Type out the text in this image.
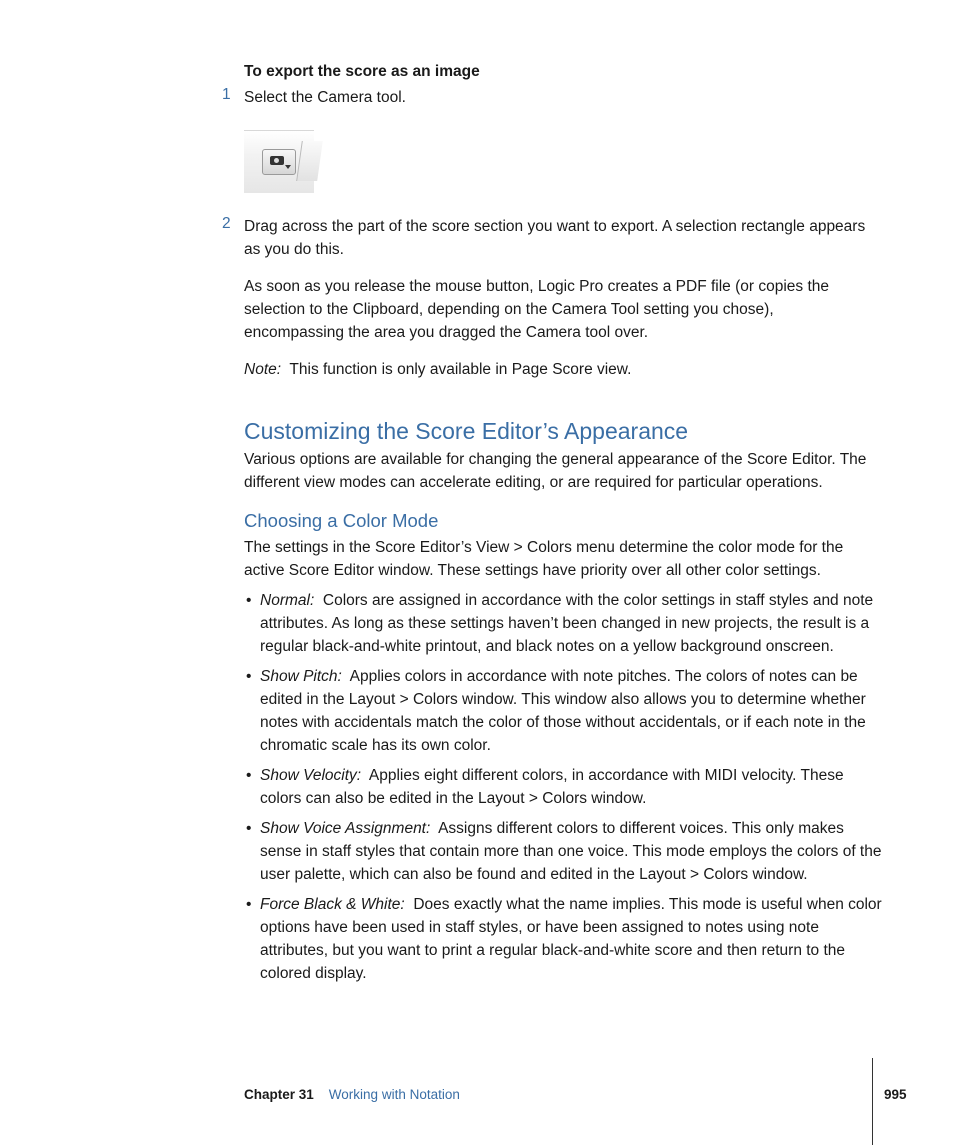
To export the score as an image
1 Select the Camera tool.
2 Drag across the part of the score section you want to export. A selection rectangle appears as you do this.
As soon as you release the mouse button, Logic Pro creates a PDF file (or copies the selection to the Clipboard, depending on the Camera Tool setting you chose), encompassing the area you dragged the Camera tool over.
Note: This function is only available in Page Score view.
Customizing the Score Editor’s Appearance
Various options are available for changing the general appearance of the Score Editor. The different view modes can accelerate editing, or are required for particular operations.
Choosing a Color Mode
The settings in the Score Editor’s View > Colors menu determine the color mode for the active Score Editor window. These settings have priority over all other color settings.
• Normal: Colors are assigned in accordance with the color settings in staff styles and note attributes. As long as these settings haven’t been changed in new projects, the result is a regular black-and-white printout, and black notes on a yellow background onscreen.
• Show Pitch: Applies colors in accordance with note pitches. The colors of notes can be edited in the Layout > Colors window. This window also allows you to determine whether notes with accidentals match the color of those without accidentals, or if each note in the chromatic scale has its own color.
• Show Velocity: Applies eight different colors, in accordance with MIDI velocity. These colors can also be edited in the Layout > Colors window.
• Show Voice Assignment: Assigns different colors to different voices. This only makes sense in staff styles that contain more than one voice. This mode employs the colors of the user palette, which can also be found and edited in the Layout > Colors window.
• Force Black & White: Does exactly what the name implies. This mode is useful when color options have been used in staff styles, or have been assigned to notes using note attributes, but you want to print a regular black-and-white score and then return to the colored display.
Chapter 31 Working with Notation	995
